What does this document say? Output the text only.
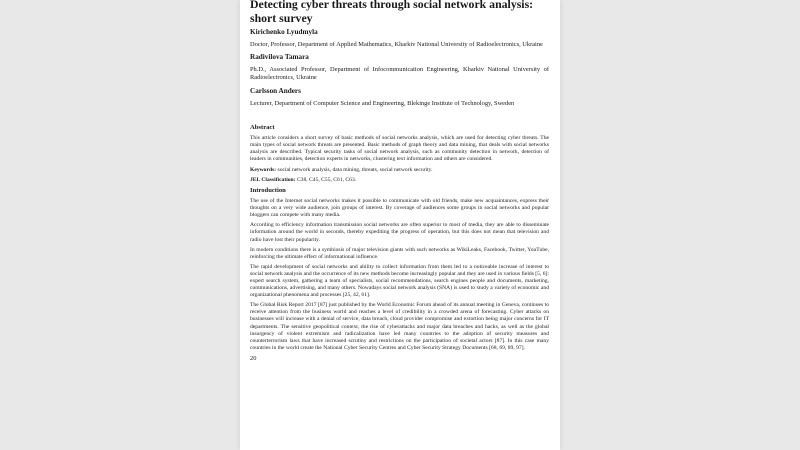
Detecting cyber threats through social network analysis:
short survey
Kirichenko Lyudmyla
Doctor, Professor, Department of Applied Mathematics, Kharkiv National University of Radioelectronics, Ukraine
Radivilova Tamara
Ph.D., Associated Professor, Department of Infocommunication Engineering, Kharkiv National University of Radioelectronics, Ukraine
Carlsson Anders
Lecturer, Department of Computer Science and Engineering, Blekinge Institute of Technology, Sweden
Abstract
This article considers a short survey of basic methods of social networks analysis, which are used for detecting cyber threats. The main types of social network threats are presented. Basic methods of graph theory and data mining, that deals with social networks analysis are described. Typical security tasks of social network analysis, such as community detection in network, detection of leaders in communities, detection experts in networks, clustering text information and others are considered.
Keywords: social network analysis, data mining, threats, social network security.
JEL Classification: C38, C45, C55, C61, C63.
Introduction

The use of the Internet social networks makes it possible to communicate with old friends, make new acquaintances, express their thoughts on a very wide audience, join groups of interest. By coverage of audiences some groups in social networks and popular bloggers can compete with many media.

According to efficiency information transmission social networks are often superior to most of media, they are able to disseminate information around the world in seconds, thereby expediting the progress of operation, but this does not mean that television and radio have lost their popularity.

In modern conditions there is a symbiosis of major television giants with such networks as WikiLeaks, Facebook, Twitter, YouTube, reinforcing the ultimate effect of informational influence.

The rapid development of social networks and ability to collect information from them led to a noticeable increase of interest to social network analysis and the occurrence of its new methods become increasingly popular and they are used in various fields [5, 6]: expert search system, gathering a team of specialists, social recommendations, search engines people and documents, marketing, communications, advertising, and many others. Nowadays social network analysis (SNA) is used to study a variety of economic and organizational phenomena and processes [25, 42, 61].

The Global Risk Report 2017 [87] just published by the World Economic Forum ahead of its annual meeting in Geneva, continues to receive attention from the business world and reaches a level of credibility in a crowded arena of forecasting. Cyber attacks on businesses will increase with a denial of service, data breach, cloud provider compromise and extortion being major concerns for IT departments. The sensitive geopolitical context, the rise of cyberattacks and major data breaches and hacks, as well as the global insurgency of violent extremism and radicalization have led many countries to the adoption of security measures and counterterrorism laws that have increased scrutiny and restrictions on the participation of societal actors [87]. In this case many countries in the world create the National Cyber Security Centres and Cyber Security Strategy Documents [68, 69, 89, 97].

20
